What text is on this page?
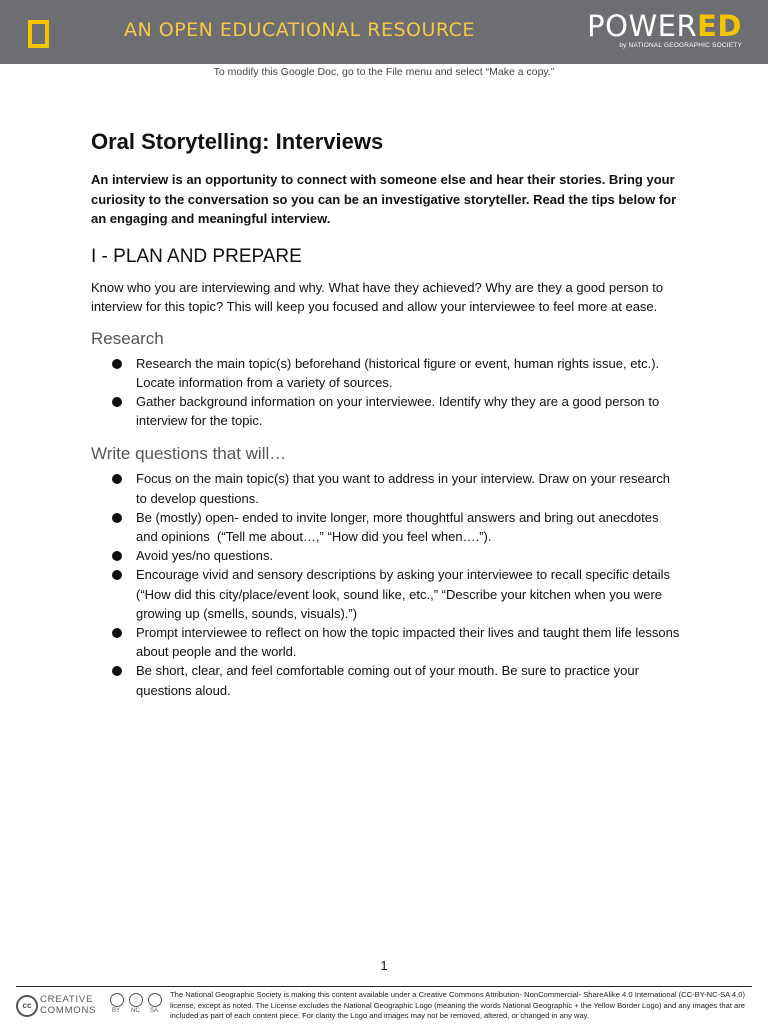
AN OPEN EDUCATIONAL RESOURCE	POWERED
by NATIONAL GEOGRAPHIC SOCIETY
To modify this Google Doc, go to the File menu and select “Make a copy.”
Oral Storytelling: Interviews

An interview is an opportunity to connect with someone else and hear their stories. Bring your curiosity to the conversation so you can be an investigative storyteller. Read the tips below for an engaging and meaningful interview.

I - PLAN AND PREPARE

Know who you are interviewing and why. What have they achieved? Why are they a good person to interview for this topic? This will keep you focused and allow your interviewee to feel more at ease.

Research
Research the main topic(s) beforehand (historical figure or event, human rights issue, etc.). Locate information from a variety of sources.
Gather background information on your interviewee. Identify why they are a good person to interview for the topic.
Write questions that will…
Focus on the main topic(s) that you want to address in your interview. Draw on your research to develop questions.
Be (mostly) open- ended to invite longer, more thoughtful answers and bring out anecdotes and opinions  (“Tell me about…,” “How did you feel when….”).
Avoid yes/no questions.
Encourage vivid and sensory descriptions by asking your interviewee to recall specific details (“How did this city/place/event look, sound like, etc.,” “Describe your kitchen when you were growing up (smells, sounds, visuals).”)
Prompt interviewee to reflect on how the topic impacted their lives and taught them life lessons about people and the world.
Be short, clear, and feel comfortable coming out of your mouth. Be sure to practice your questions aloud.
1
cc
CREATIVE
COMMONS	BY NC SA
The National Geographic Society is making this content available under a Creative Commons Attribution- NonCommercial- ShareAlike 4.0 International (CC-BY-NC-SA 4.0) license, except as noted. The License excludes the National Geographic Logo (meaning the words National Geographic + the Yellow Border Logo) and any images that are included as part of each content piece. For clarity the Logo and images may not be removed, altered, or changed in any way.
